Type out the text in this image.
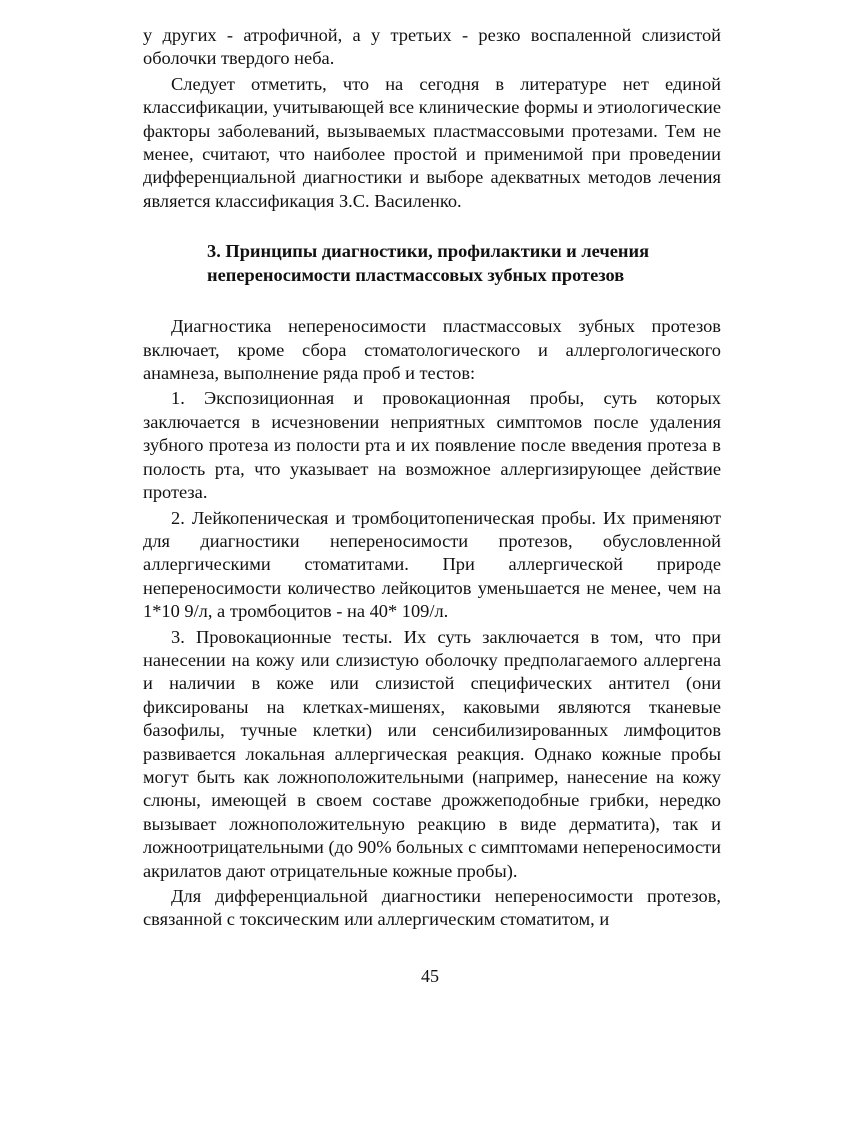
у других - атрофичной, а у третьих - резко воспаленной слизистой оболочки твердого неба.

Следует отметить, что на сегодня в литературе нет единой классификации, учитывающей все клинические формы и этиологические факторы заболеваний, вызываемых пластмассовыми протезами. Тем не менее, считают, что наиболее простой и применимой при проведении дифференциальной диагностики и выборе адекватных методов лечения является классификация З.С. Василенко.

3. Принципы диагностики, профилактики и лечения
непереносимости пластмассовых зубных протезов

Диагностика непереносимости пластмассовых зубных протезов включает, кроме сбора стоматологического и аллергологического анамнеза, выполнение ряда проб и тестов:

1. Экспозиционная и провокационная пробы, суть которых заключается в исчезновении неприятных симптомов после удаления зубного протеза из полости рта и их появление после введения протеза в полость рта, что указывает на возможное аллергизирующее действие протеза.

2. Лейкопеническая и тромбоцитопеническая пробы. Их применяют для диагностики непереносимости протезов, обусловленной аллергическими стоматитами. При аллергической природе непереносимости количество лейкоцитов уменьшается не менее, чем на 1*10 9/л, а тромбоцитов - на 40* 109/л.

3. Провокационные тесты. Их суть заключается в том, что при нанесении на кожу или слизистую оболочку предполагаемого аллергена и наличии в коже или слизистой специфических антител (они фиксированы на клетках-мишенях, каковыми являются тканевые базофилы, тучные клетки) или сенсибилизированных лимфоцитов развивается локальная аллергическая реакция. Однако кожные пробы могут быть как ложноположительными (например, нанесение на кожу слюны, имеющей в своем составе дрожжеподобные грибки, нередко вызывает ложноположительную реакцию в виде дерматита), так и ложноотрицательными (до 90% больных с симптомами непереносимости акрилатов дают отрицательные кожные пробы).

Для дифференциальной диагностики непереносимости протезов, связанной с токсическим или аллергическим стоматитом, и

45
